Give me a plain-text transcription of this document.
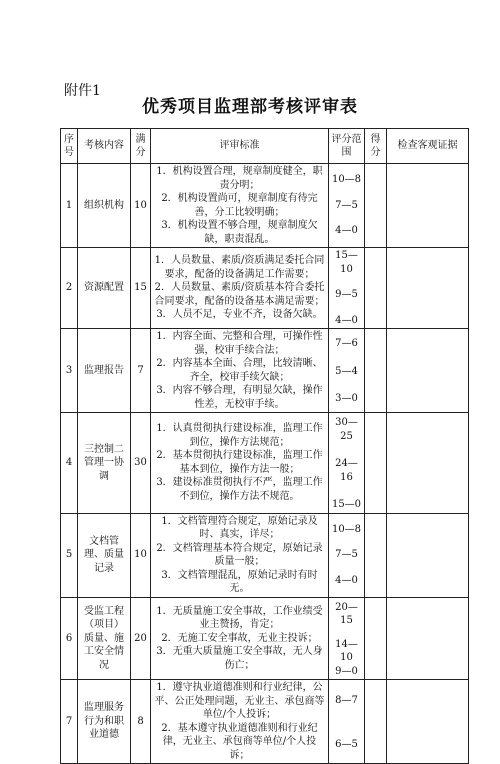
附件1
优秀项目监理部考核评审表
序号	考核内容	满分	评审标准	评分范围	得分	检查客观证据
1	组织机构	10	1．机构设置合理，规章制度健全，职责分明；
2．机构设置尚可，规章制度有待完善，分工比较明确；
3．机构设置不够合理，规章制度欠缺，职责混乱。	10—8
7—5
4—0		

2	资源配置	15	1．人员数量、素质/资质满足委托合同要求，配备的设备满足工作需要；
2．人员数量、素质/资质基本符合委托合同要求，配备的设备基本满足需要；
3．人员不足，专业不齐，设备欠缺。	15—10
9—5
4—0		

3	监理报告	7	1．内容全面、完整和合理，可操作性强，校审手续合法；
2．内容基本全面、合理，比较清晰、齐全，校审手续欠缺；
3．内容不够合理，有明显欠缺，操作性差，无校审手续。	7—6
5—4
3—0		

4	三控制二管理一协调	30	1．认真贯彻执行建设标准，监理工作到位，操作方法规范；
2．基本贯彻执行建设标准，监理工作基本到位，操作方法一般；
3．建设标准贯彻执行不严，监理工作不到位，操作方法不规范。	30—25
24—16
15—0		

5	文档管理、质量记录	10	1．文档管理符合规定，原始记录及时、真实，详尽；
2．文档管理基本符合规定，原始记录质量一般；
3．文档管理混乱，原始记录时有时无。	10—8
7—5
4—0		

6	受监工程（项目）质量、施工安全情况	20	1．无质量施工安全事故，工作业绩受业主赞扬，肯定；
2．无施工安全事故，无业主投诉；
3．无重大质量施工安全事故，无人身伤亡；	20—15
14—10
9—0		

7	监理服务行为和职业道德	8	1．遵守执业道德准则和行业纪律，公平、公正处理问题，无业主、承包商等单位/个人投诉；
2．基本遵守执业道德准则和行业纪律，无业主、承包商等单位/个人投诉；	8—7
6—5		
